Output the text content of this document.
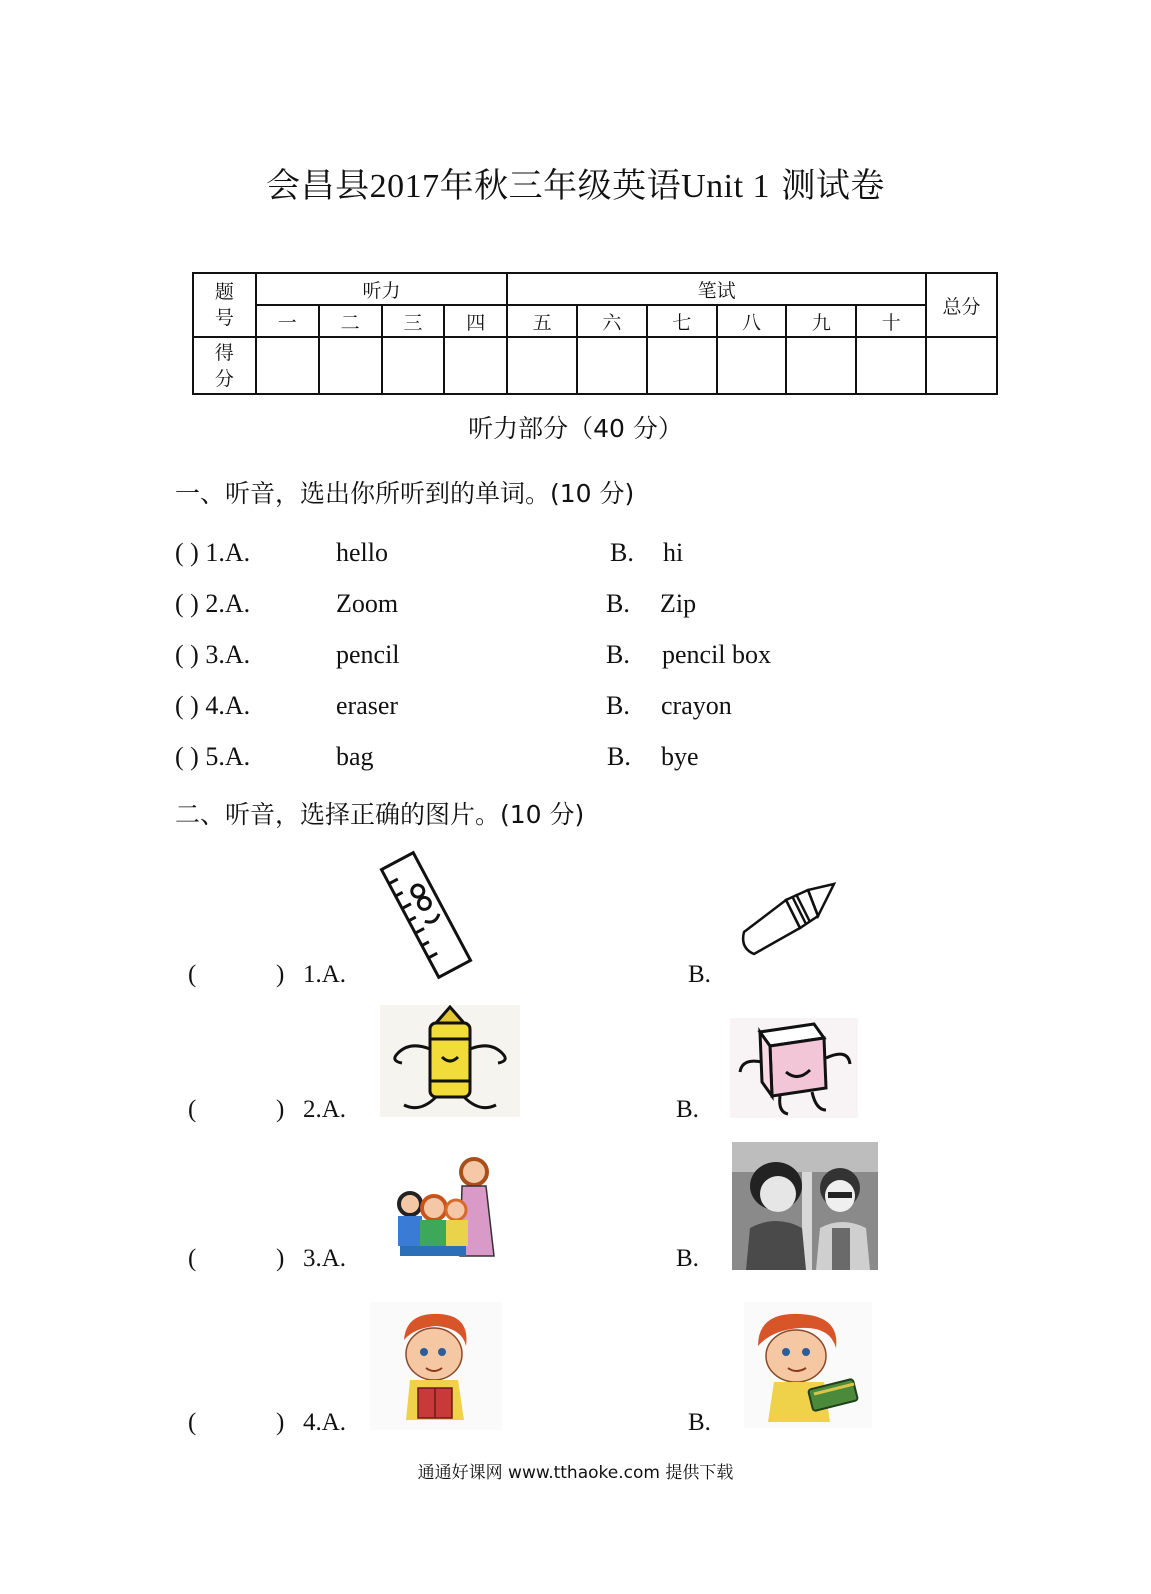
会昌县2017年秋三年级英语Unit 1 测试卷
题
号	听力				笔试						总分
	一	二	三	四	五	六	七	八	九	十	
得
分											
听力部分（40 分）
一、听音，选出你所听到的单词。(10 分)
( ) 1.A.	hello	B. hi
( ) 2.A.	Zoom	B. Zip
( ) 3.A.	pencil	B. pencil box
( ) 4.A.	eraser	B. crayon
( ) 5.A.	bag	B. bye
二、听音，选择正确的图片。(10 分)
(	) 1.A.	B.
(	) 2.A.	B.
(	) 3.A.	B.
(	) 4.A.	B.
通通好课网 www.tthaoke.com 提供下载
